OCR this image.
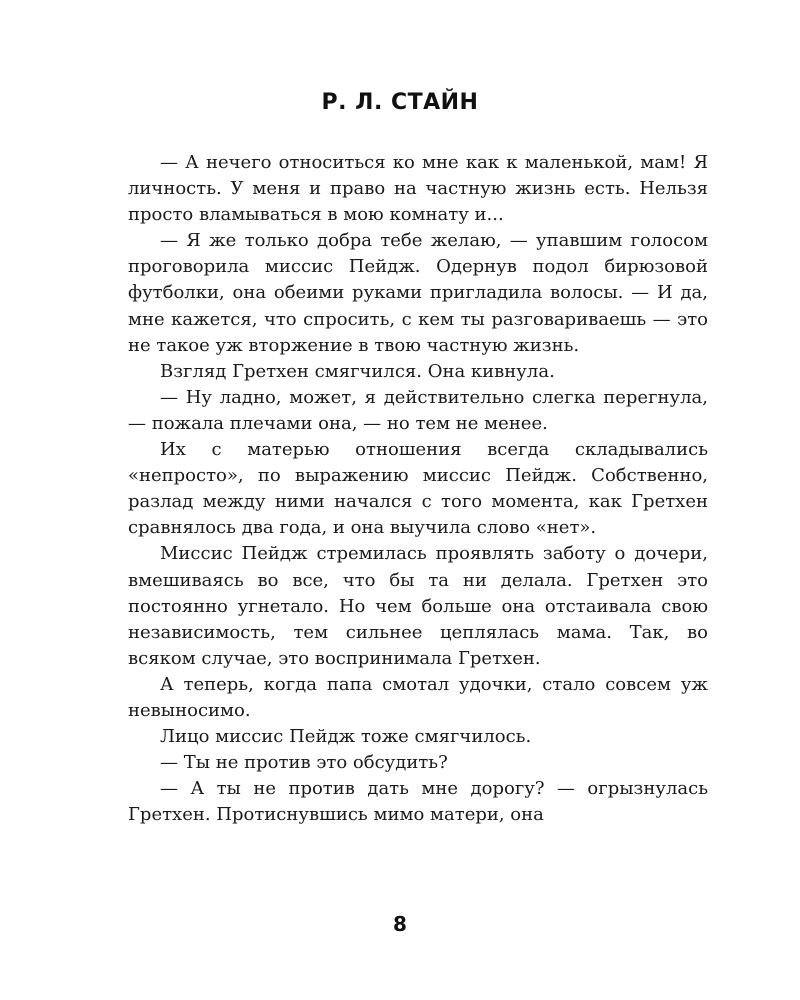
Р. Л. СТАЙН

— А нечего относиться ко мне как к маленькой, мам! Я личность. У меня и право на частную жизнь есть. Нельзя просто вламываться в мою комнату и...

— Я же только добра тебе желаю, — упавшим голосом проговорила миссис Пейдж. Одернув подол бирюзовой футболки, она обеими руками пригладила волосы. — И да, мне кажется, что спросить, с кем ты разговариваешь — это не такое уж вторжение в твою частную жизнь.

Взгляд Гретхен смягчился. Она кивнула.

— Ну ладно, может, я действительно слегка перегнула, — пожала плечами она, — но тем не менее.

Их с матерью отношения всегда складывались «непросто», по выражению миссис Пейдж. Собственно, разлад между ними начался с того момента, как Гретхен сравнялось два года, и она выучила слово «нет».

Миссис Пейдж стремилась проявлять заботу о дочери, вмешиваясь во все, что бы та ни делала. Гретхен это постоянно угнетало. Но чем больше она отстаивала свою независимость, тем сильнее цеплялась мама. Так, во всяком случае, это воспринимала Гретхен.

А теперь, когда папа смотал удочки, стало совсем уж невыносимо.

Лицо миссис Пейдж тоже смягчилось.

— Ты не против это обсудить?

— А ты не против дать мне дорогу? — огрызнулась Гретхен. Протиснувшись мимо матери, она

8
